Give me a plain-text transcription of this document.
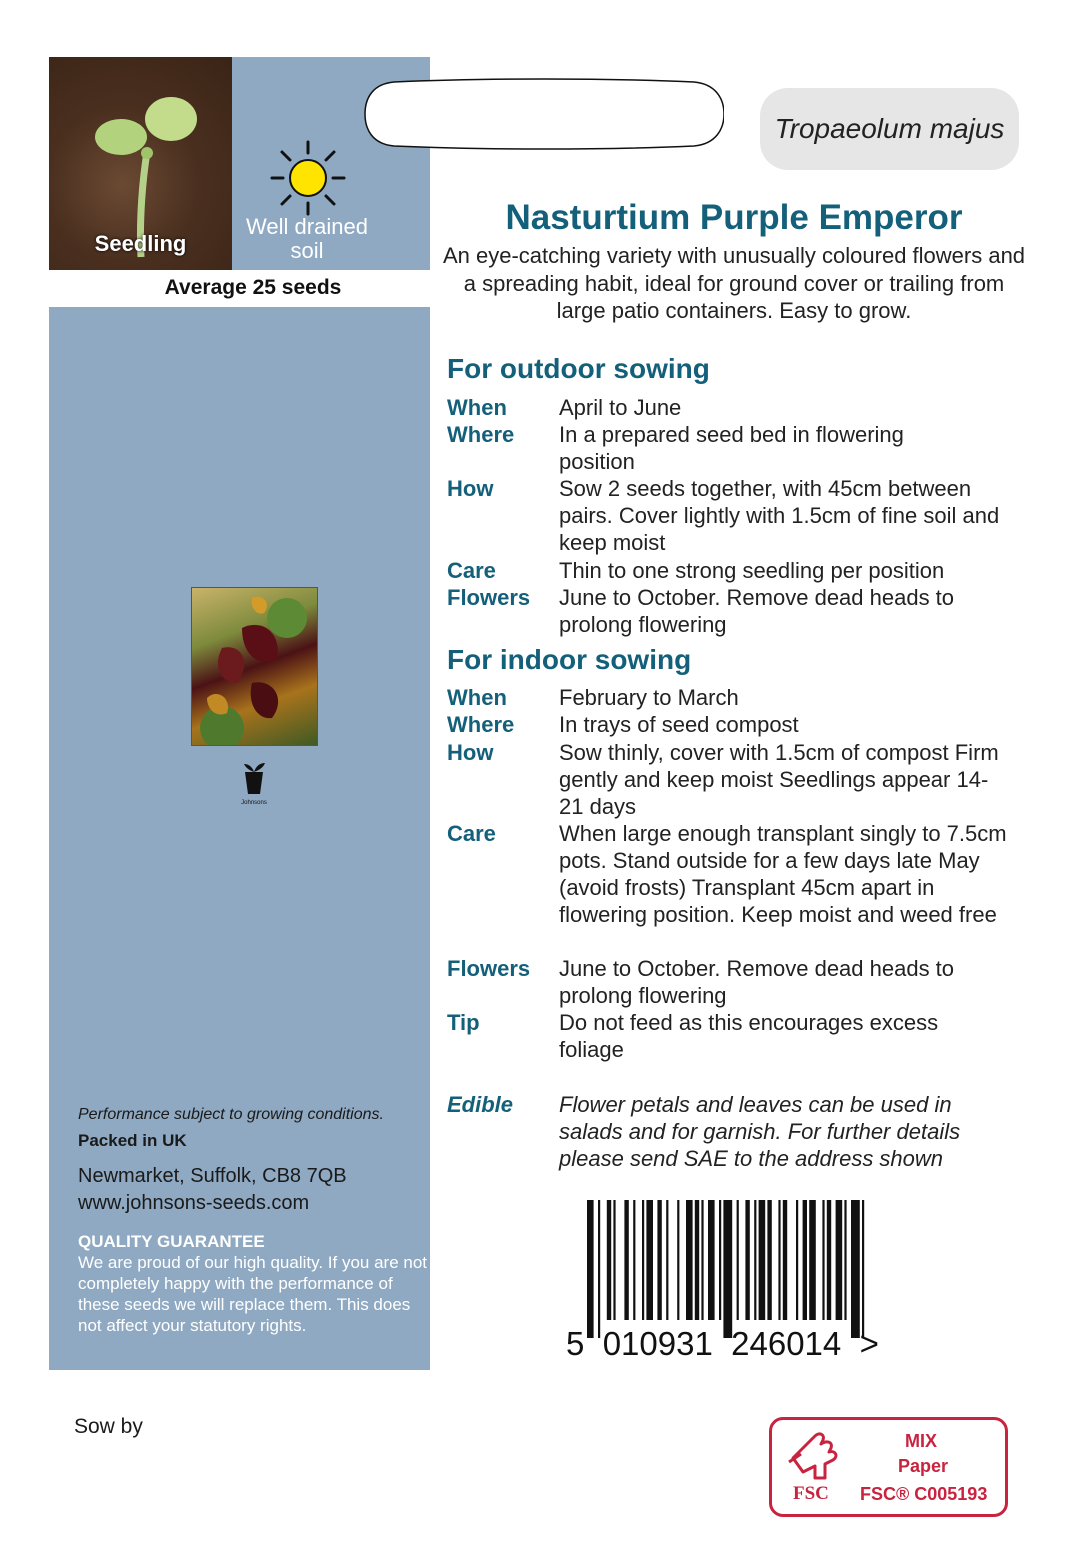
Seedling
Well drained soil
Average 25 seeds
Johnsons
Performance subject to growing conditions.
Packed in UK
Newmarket, Suffolk, CB8 7QB
www.johnsons-seeds.com
QUALITY GUARANTEE
We are proud of our high quality. If you are not completely happy with the performance of these seeds we will replace them. This does not affect your statutory rights.
Sow by
Tropaeolum majus
Nasturtium Purple Emperor
An eye-catching variety with unusually coloured flowers and a spreading habit, ideal for ground cover or trailing from large patio containers. Easy to grow.
For outdoor sowing
When April to June
Where In a prepared seed bed in flowering position
How	Sow 2 seeds together, with 45cm between pairs. Cover lightly with 1.5cm of fine soil and keep moist
Care	Thin to one strong seedling per position
Flowers June to October. Remove dead heads to prolong flowering
For indoor sowing
When February to March
Where In trays of seed compost
How	Sow thinly, cover with 1.5cm of compost Firm gently and keep moist Seedlings appear 14-21 days
Care	When large enough transplant singly to 7.5cm pots. Stand outside for a few days late May (avoid frosts) Transplant 45cm apart in flowering position. Keep moist and weed free
Flowers June to October. Remove dead heads to prolong flowering
Tip	Do not feed as this encourages excess foliage
Edible Flower petals and leaves can be used in salads and for garnish. For further details please send SAE to the address shown
5  010931  246014  >
FSC
MIX
Paper
FSC® C005193
